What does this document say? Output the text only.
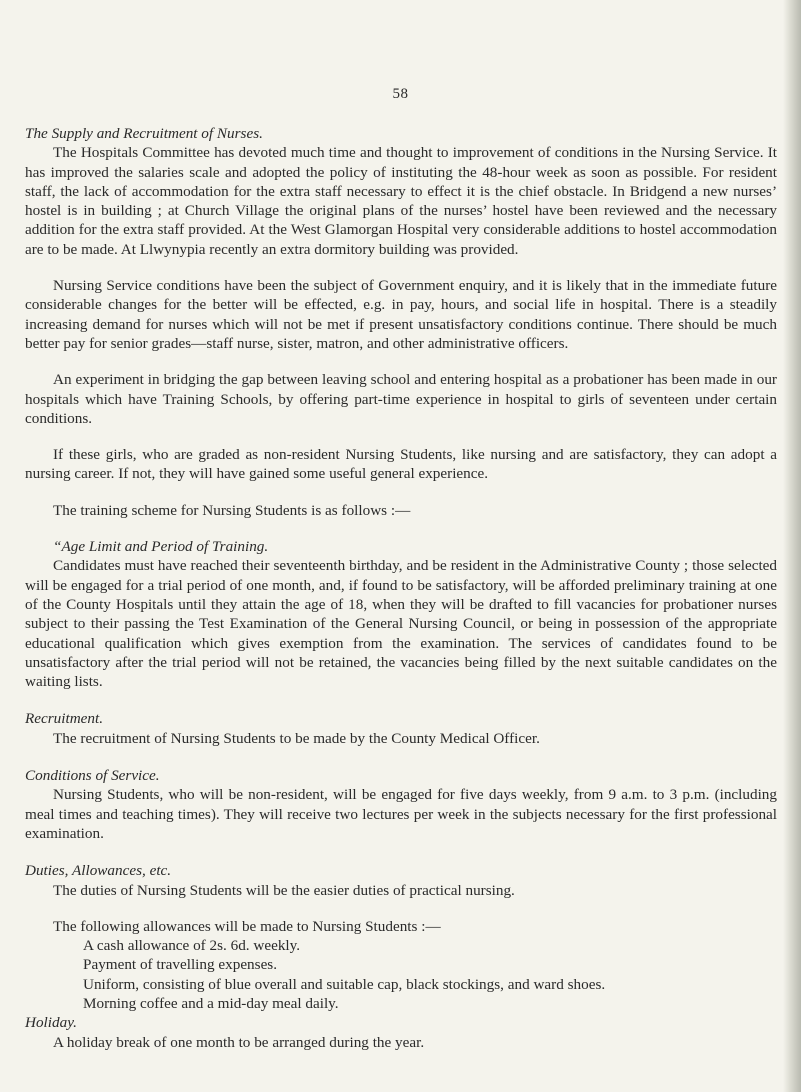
58

The Supply and Recruitment of Nurses.

The Hospitals Committee has devoted much time and thought to improvement of conditions in the Nursing Service. It has improved the salaries scale and adopted the policy of instituting the 48-hour week as soon as possible. For resident staff, the lack of accommodation for the extra staff necessary to effect it is the chief obstacle. In Bridgend a new nurses’ hostel is in building ; at Church Village the original plans of the nurses’ hostel have been reviewed and the necessary addition for the extra staff provided. At the West Glamorgan Hospital very considerable additions to hostel accommodation are to be made. At Llwynypia recently an extra dormitory building was provided.

Nursing Service conditions have been the subject of Government enquiry, and it is likely that in the immediate future considerable changes for the better will be effected, e.g. in pay, hours, and social life in hospital. There is a steadily increasing demand for nurses which will not be met if present unsatisfactory conditions continue. There should be much better pay for senior grades—staff nurse, sister, matron, and other administrative officers.

An experiment in bridging the gap between leaving school and entering hospital as a probationer has been made in our hospitals which have Training Schools, by offering part-time experience in hospital to girls of seventeen under certain conditions.

If these girls, who are graded as non-resident Nursing Students, like nursing and are satisfactory, they can adopt a nursing career. If not, they will have gained some useful general experience.

The training scheme for Nursing Students is as follows :—

“Age Limit and Period of Training.

Candidates must have reached their seventeenth birthday, and be resident in the Administrative County ; those selected will be engaged for a trial period of one month, and, if found to be satisfactory, will be afforded preliminary training at one of the County Hospitals until they attain the age of 18, when they will be drafted to fill vacancies for probationer nurses subject to their passing the Test Examination of the General Nursing Council, or being in possession of the appropriate educational qualification which gives exemption from the examination. The services of candidates found to be unsatisfactory after the trial period will not be retained, the vacancies being filled by the next suitable candidates on the waiting lists.

Recruitment.

The recruitment of Nursing Students to be made by the County Medical Officer.

Conditions of Service.

Nursing Students, who will be non-resident, will be engaged for five days weekly, from 9 a.m. to 3 p.m. (including meal times and teaching times). They will receive two lectures per week in the subjects necessary for the first professional examination.

Duties, Allowances, etc.

The duties of Nursing Students will be the easier duties of practical nursing.

The following allowances will be made to Nursing Students :—

A cash allowance of 2s. 6d. weekly.
Payment of travelling expenses.
Uniform, consisting of blue overall and suitable cap, black stockings, and ward shoes.
Morning coffee and a mid-day meal daily.

Holiday.

A holiday break of one month to be arranged during the year.
